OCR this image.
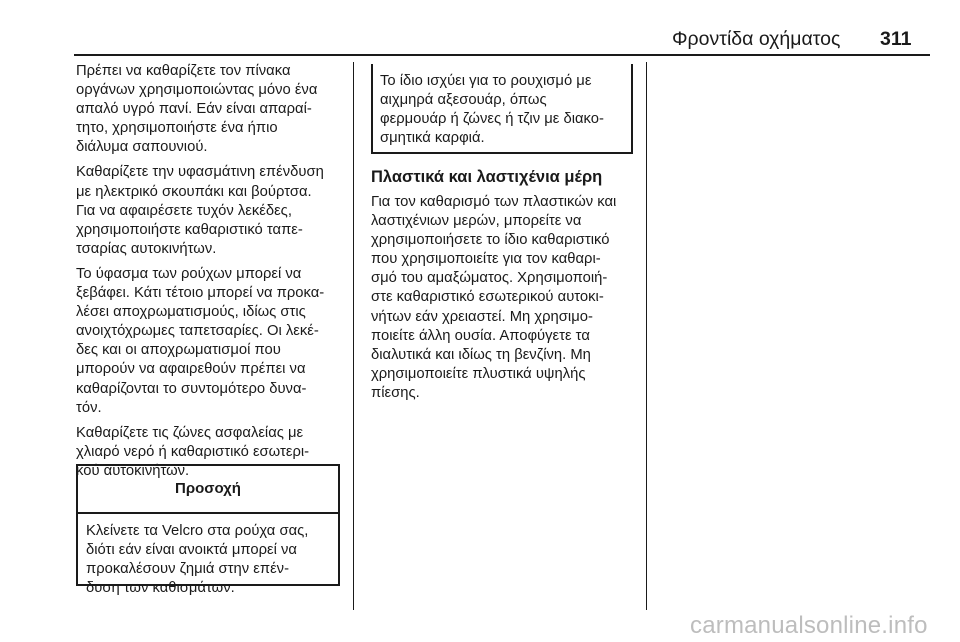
Φροντίδα οχήματος 311

Πρέπει να καθαρίζετε τον πίνακα
οργάνων χρησιμοποιώντας μόνο ένα
απαλό υγρό πανί. Εάν είναι απαραί-
τητο, χρησιμοποιήστε ένα ήπιο
διάλυμα σαπουνιού.

Καθαρίζετε την υφασμάτινη επένδυση
με ηλεκτρικό σκουπάκι και βούρτσα.
Για να αφαιρέσετε τυχόν λεκέδες,
χρησιμοποιήστε καθαριστικό ταπε-
τσαρίας αυτοκινήτων.

Το ύφασμα των ρούχων μπορεί να
ξεβάφει. Κάτι τέτοιο μπορεί να προκα-
λέσει αποχρωματισμούς, ιδίως στις
ανοιχτόχρωμες ταπετσαρίες. Οι λεκέ-
δες και οι αποχρωματισμοί που
μπορούν να αφαιρεθούν πρέπει να
καθαρίζονται το συντομότερο δυνα-
τόν.

Καθαρίζετε τις ζώνες ασφαλείας με
χλιαρό νερό ή καθαριστικό εσωτερι-
κού αυτοκινήτων.

Προσοχή

Κλείνετε τα Velcro στα ρούχα σας,
διότι εάν είναι ανοικτά μπορεί να
προκαλέσουν ζημιά στην επέν-
δυση των καθισμάτων.

Το ίδιο ισχύει για το ρουχισμό με
αιχμηρά αξεσουάρ, όπως
φερμουάρ ή ζώνες ή τζιν με διακο-
σμητικά καρφιά.

Πλαστικά και λαστιχένια μέρη

Για τον καθαρισμό των πλαστικών και
λαστιχένιων μερών, μπορείτε να
χρησιμοποιήσετε το ίδιο καθαριστικό
που χρησιμοποιείτε για τον καθαρι-
σμό του αμαξώματος. Χρησιμοποιή-
στε καθαριστικό εσωτερικού αυτοκι-
νήτων εάν χρειαστεί. Μη χρησιμο-
ποιείτε άλλη ουσία. Αποφύγετε τα
διαλυτικά και ιδίως τη βενζίνη. Μη
χρησιμοποιείτε πλυστικά υψηλής
πίεσης.

carmanualsonline.info
